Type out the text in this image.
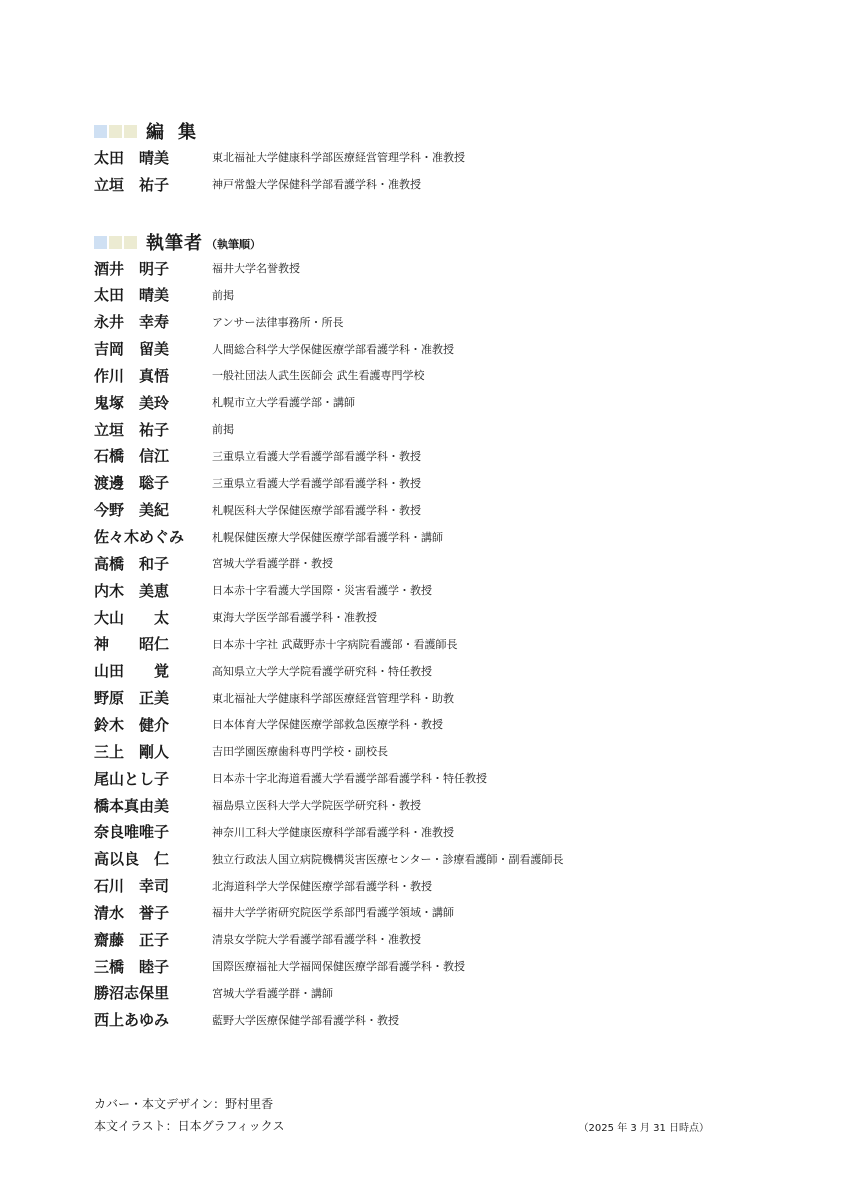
編集
太田　晴美	東北福祉大学健康科学部医療経営管理学科・准教授
立垣　祐子	神戸常盤大学保健科学部看護学科・准教授
執筆者 （執筆順）
酒井　明子	福井大学名誉教授
太田　晴美	前掲
永井　幸寿	アンサー法律事務所・所長
吉岡　留美	人間総合科学大学保健医療学部看護学科・准教授
作川　真悟	一般社団法人武生医師会 武生看護専門学校
鬼塚　美玲	札幌市立大学看護学部・講師
立垣　祐子	前掲
石橋　信江	三重県立看護大学看護学部看護学科・教授
渡邊　聡子	三重県立看護大学看護学部看護学科・教授
今野　美紀	札幌医科大学保健医療学部看護学科・教授
佐々木めぐみ	札幌保健医療大学保健医療学部看護学科・講師
高橋　和子	宮城大学看護学群・教授
内木　美恵	日本赤十字看護大学国際・災害看護学・教授
大山　　太	東海大学医学部看護学科・准教授
神　　昭仁	日本赤十字社 武蔵野赤十字病院看護部・看護師長
山田　　覚	高知県立大学大学院看護学研究科・特任教授
野原　正美	東北福祉大学健康科学部医療経営管理学科・助教
鈴木　健介	日本体育大学保健医療学部救急医療学科・教授
三上　剛人	吉田学園医療歯科専門学校・副校長
尾山とし子	日本赤十字北海道看護大学看護学部看護学科・特任教授
橋本真由美	福島県立医科大学大学院医学研究科・教授
奈良唯唯子	神奈川工科大学健康医療科学部看護学科・准教授
高以良　仁	独立行政法人国立病院機構災害医療センター・診療看護師・副看護師長
石川　幸司	北海道科学大学保健医療学部看護学科・教授
清水　誉子	福井大学学術研究院医学系部門看護学領域・講師
齋藤　正子	清泉女学院大学看護学部看護学科・准教授
三橋　睦子	国際医療福祉大学福岡保健医療学部看護学科・教授
勝沼志保里	宮城大学看護学群・講師
西上あゆみ	藍野大学医療保健学部看護学科・教授
カバー・本文デザイン：野村里香
本文イラスト：日本グラフィックス	（2025 年 3 月 31 日時点）
